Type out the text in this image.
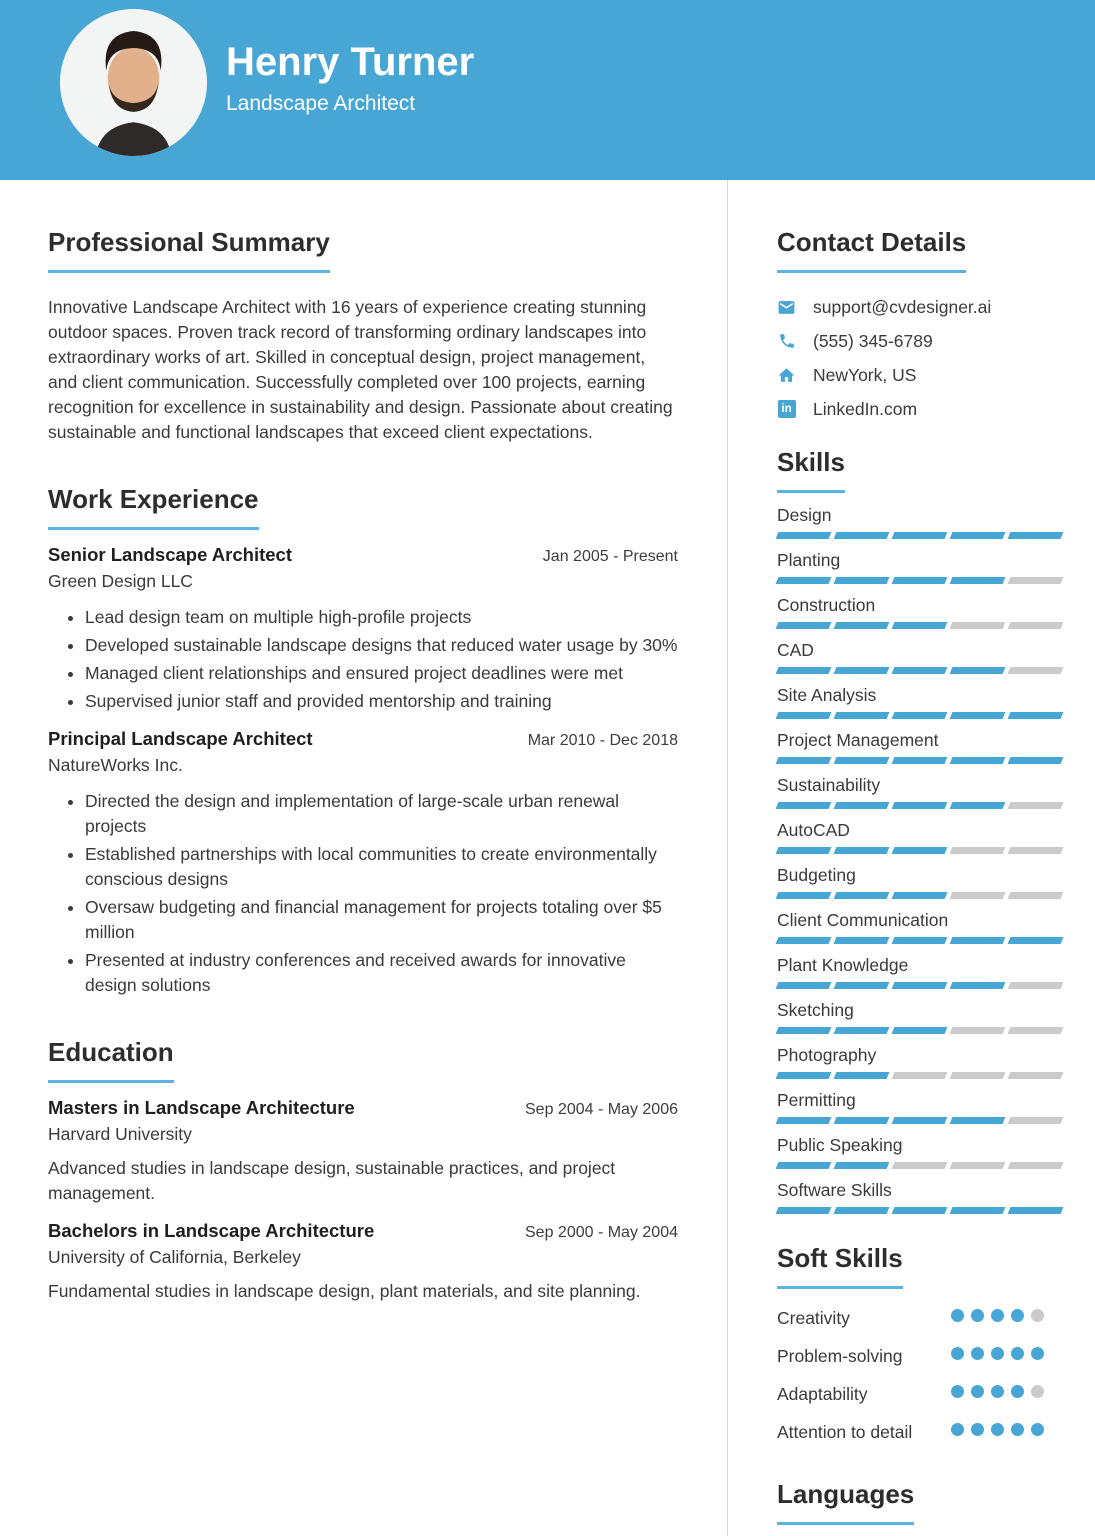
Henry Turner
Landscape Architect
Professional Summary
Innovative Landscape Architect with 16 years of experience creating stunning outdoor spaces. Proven track record of transforming ordinary landscapes into extraordinary works of art. Skilled in conceptual design, project management, and client communication. Successfully completed over 100 projects, earning recognition for excellence in sustainability and design. Passionate about creating sustainable and functional landscapes that exceed client expectations.
Work Experience
Senior Landscape Architect	Jan 2005 - Present
Green Design LLC
• Lead design team on multiple high-profile projects
• Developed sustainable landscape designs that reduced water usage by 30%
• Managed client relationships and ensured project deadlines were met
• Supervised junior staff and provided mentorship and training
Principal Landscape Architect	Mar 2010 - Dec 2018
NatureWorks Inc.
• Directed the design and implementation of large-scale urban renewal projects
• Established partnerships with local communities to create environmentally conscious designs
• Oversaw budgeting and financial management for projects totaling over $5 million
• Presented at industry conferences and received awards for innovative design solutions
Education
Masters in Landscape Architecture	Sep 2004 - May 2006
Harvard University
Advanced studies in landscape design, sustainable practices, and project management.
Bachelors in Landscape Architecture	Sep 2000 - May 2004
University of California, Berkeley
Fundamental studies in landscape design, plant materials, and site planning.
Contact Details
support@cvdesigner.ai
(555) 345-6789
NewYork, US
in LinkedIn.com
Skills
Design
Planting
Construction
CAD
Site Analysis
Project Management
Sustainability
AutoCAD
Budgeting
Client Communication
Plant Knowledge
Sketching
Photography
Permitting
Public Speaking
Software Skills
Soft Skills
Creativity
Problem-solving
Adaptability
Attention to detail
Languages
